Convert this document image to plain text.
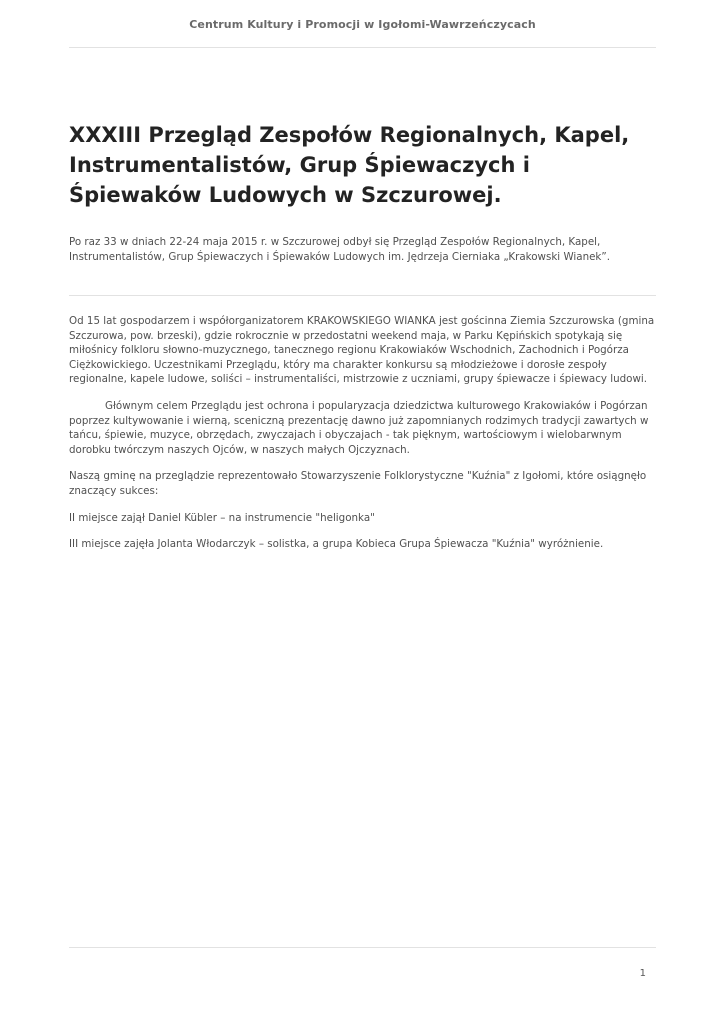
Centrum Kultury i Promocji w Igołomi-Wawrzeńczycach
XXXIII Przegląd Zespołów Regionalnych, Kapel, Instrumentalistów, Grup Śpiewaczych i Śpiewaków Ludowych w Szczurowej.

Po raz 33 w dniach 22-24 maja 2015 r. w Szczurowej odbył się Przegląd Zespołów Regionalnych, Kapel, Instrumentalistów, Grup Śpiewaczych i Śpiewaków Ludowych im. Jędrzeja Cierniaka „Krakowski Wianek”.

Od 15 lat gospodarzem i współorganizatorem KRAKOWSKIEGO WIANKA jest gościnna Ziemia Szczurowska (gmina Szczurowa, pow. brzeski), gdzie rokrocznie w przedostatni weekend maja, w Parku Kępińskich spotykają się miłośnicy folkloru słowno-muzycznego, tanecznego regionu Krakowiaków Wschodnich, Zachodnich i Pogórza Ciężkowickiego. Uczestnikami Przeglądu, który ma charakter konkursu są młodzieżowe i dorosłe zespoły regionalne, kapele ludowe, soliści – instrumentaliści, mistrzowie z uczniami, grupy śpiewacze i śpiewacy ludowi.

Głównym celem Przeglądu jest ochrona i popularyzacja dziedzictwa kulturowego Krakowiaków i Pogórzan poprzez kultywowanie i wierną, sceniczną prezentację dawno już zapomnianych rodzimych tradycji zawartych w tańcu, śpiewie, muzyce, obrzędach, zwyczajach i obyczajach - tak pięknym, wartościowym i wielobarwnym dorobku twórczym naszych Ojców, w naszych małych Ojczyznach.

Naszą gminę na przeglądzie reprezentowało Stowarzyszenie Folklorystyczne "Kuźnia" z Igołomi, które osiągnęło znaczący sukces:

II miejsce zajął Daniel Kübler – na instrumencie "heligonka"

III miejsce zajęła Jolanta Włodarczyk – solistka, a grupa Kobieca Grupa Śpiewacza "Kuźnia" wyróżnienie.

1
